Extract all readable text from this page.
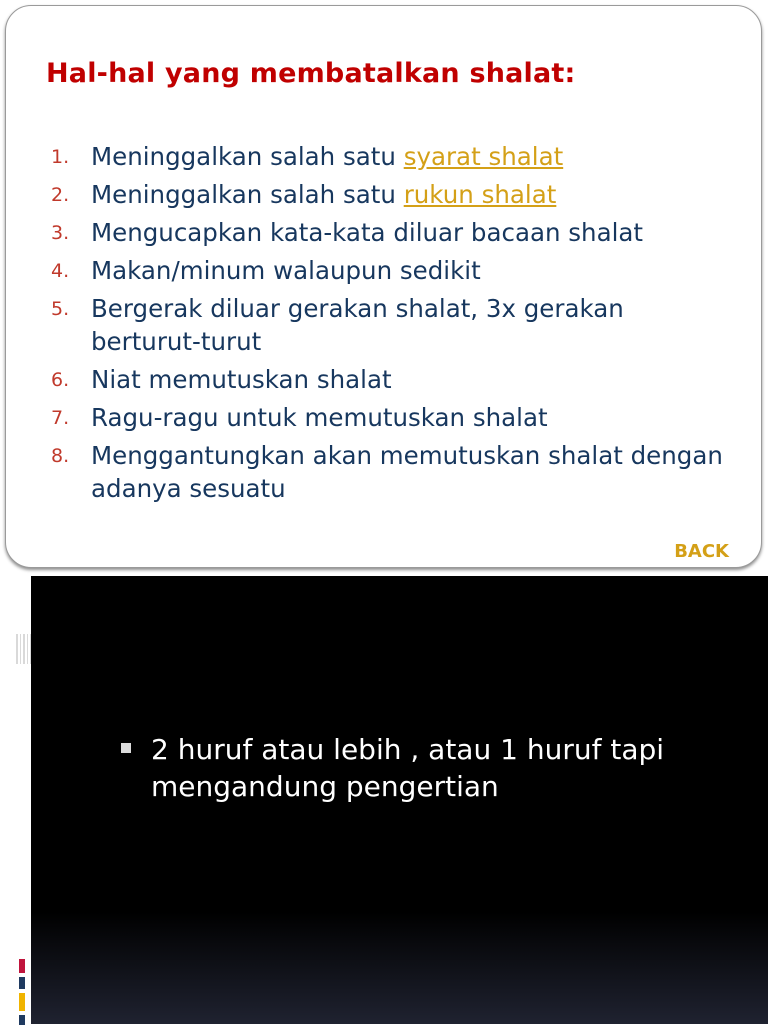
Hal-hal yang membatalkan shalat:
1. Meninggalkan salah satu syarat shalat
2. Meninggalkan salah satu rukun shalat
3. Mengucapkan kata-kata diluar bacaan shalat
4. Makan/minum walaupun sedikit
5. Bergerak diluar gerakan shalat, 3x gerakan berturut-turut
6. Niat memutuskan shalat
7. Ragu-ragu untuk memutuskan shalat
8. Menggantungkan akan memutuskan shalat dengan adanya sesuatu
BACK
2 huruf atau lebih , atau 1 huruf tapi mengandung pengertian
